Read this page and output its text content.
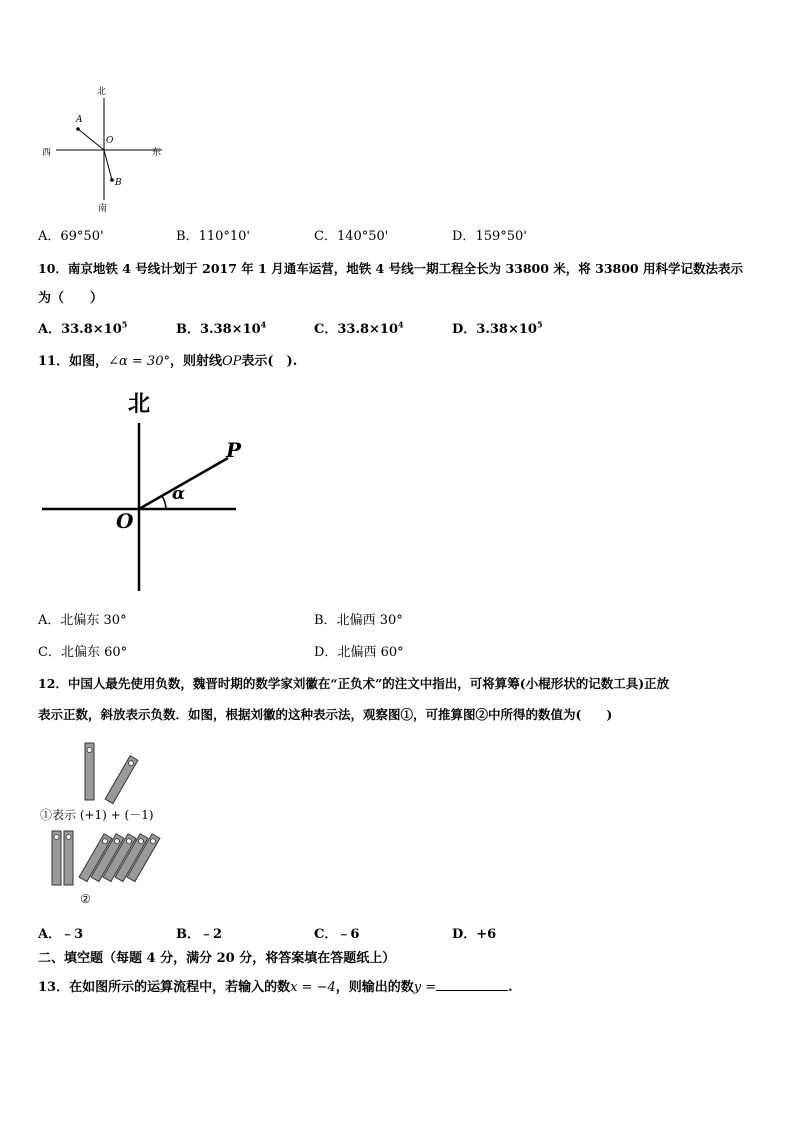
北
南
西	东
O
A
B
A．69°50'	B．110°10'	C．140°50'	D．159°50'
10．南京地铁 4 号线计划于 2017 年 1 月通车运营，地铁 4 号线一期工程全长为 33800 米，将 33800 用科学记数法表示
为（　　）
A．$33.8\times 10^5$	B．$3.38\times 10^4$	C．$33.8\times 10^4$	D．$3.38\times 10^5$
11．如图，∠α = 30°，则射线OP表示(　).
北
O
P
α
A．北偏东 30°	B．北偏西 30°
C．北偏东 60°	D．北偏西 60°
12．中国人最先使用负数，魏晋时期的数学家刘徽在“正负术”的注文中指出，可将算筹(小棍形状的记数工具)正放
表示正数，斜放表示负数．如图，根据刘徽的这种表示法，观察图①，可推算图②中所得的数值为(　　)
①表示 (+1) + (－1)
②
A．﹣3	B．﹣2	C．﹣6	D．+6
二、填空题（每题 4 分，满分 20 分，将答案填在答题纸上）
13．在如图所示的运算流程中，若输入的数x = −4，则输出的数y =	.
